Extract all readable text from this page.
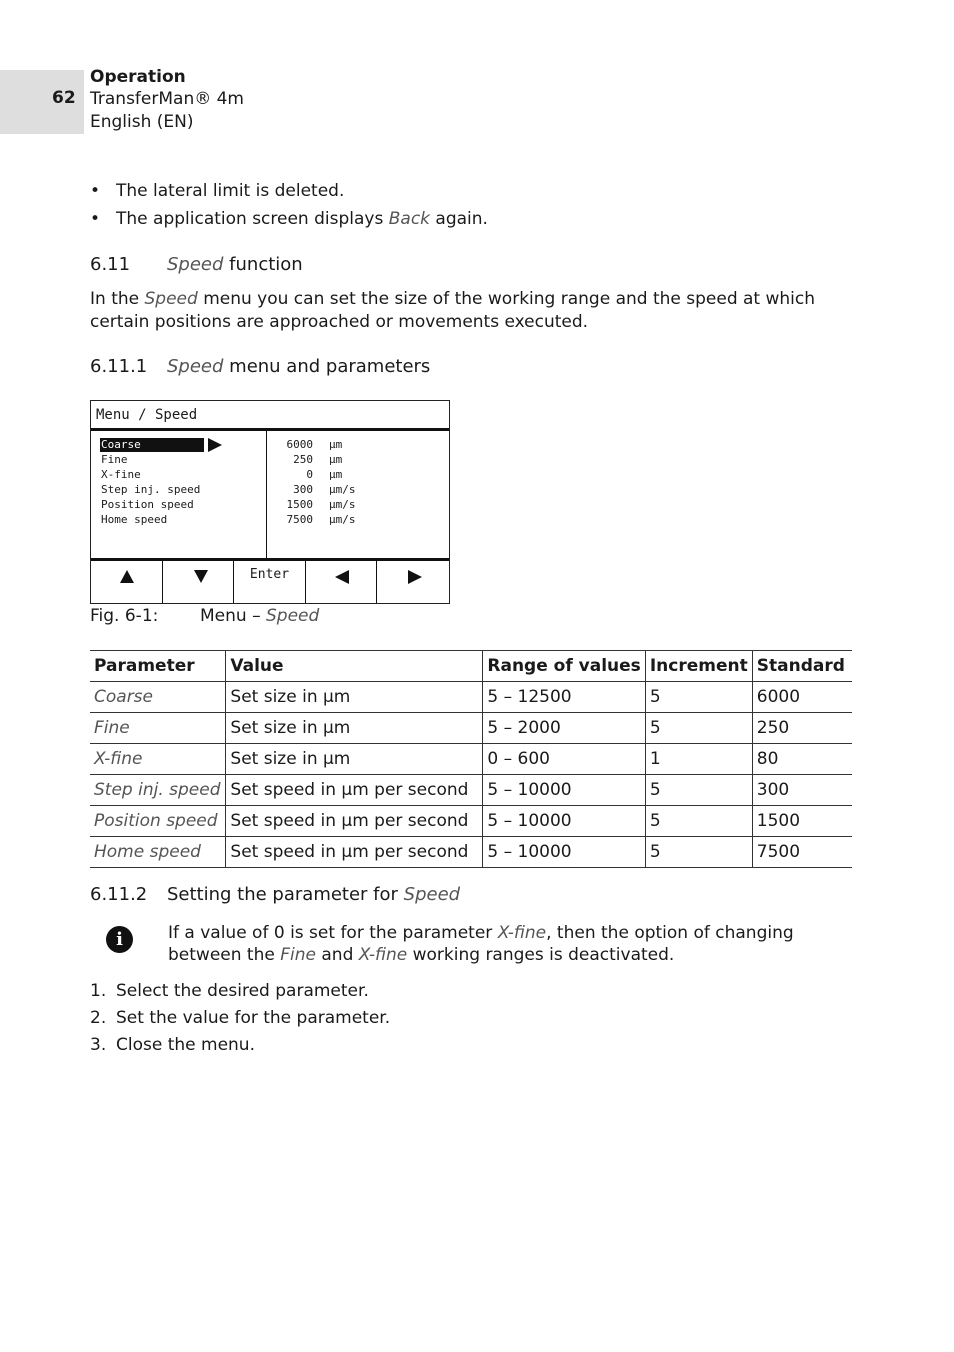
62
Operation
TransferMan® 4m
English (EN)
• The lateral limit is deleted.
• The application screen displays Back again.
6.11 Speed function
In the Speed menu you can set the size of the working range and the speed at which certain positions are approached or movements executed.
6.11.1 Speed menu and parameters
Menu / Speed
Coarse
Fine
X-fine
Step inj. speed
Position speed
Home speed
6000
250
0
300
1500
7500
µm
µm
µm
µm/s
µm/s
µm/s
Enter
Fig. 6-1: Menu – Speed
Parameter	Value	Range of values	Increment	Standard
Coarse	Set size in µm	5 – 12500	5	6000
Fine	Set size in µm	5 – 2000	5	250
X-fine	Set size in µm	0 – 600	1	80
Step inj. speed	Set speed in µm per second	5 – 10000	5	300
Position speed	Set speed in µm per second	5 – 10000	5	1500
Home speed	Set speed in µm per second	5 – 10000	5	7500
6.11.2 Setting the parameter for Speed
i	If a value of 0 is set for the parameter X-fine, then the option of changing between the Fine and X-fine working ranges is deactivated.
1. Select the desired parameter.
2. Set the value for the parameter.
3. Close the menu.
